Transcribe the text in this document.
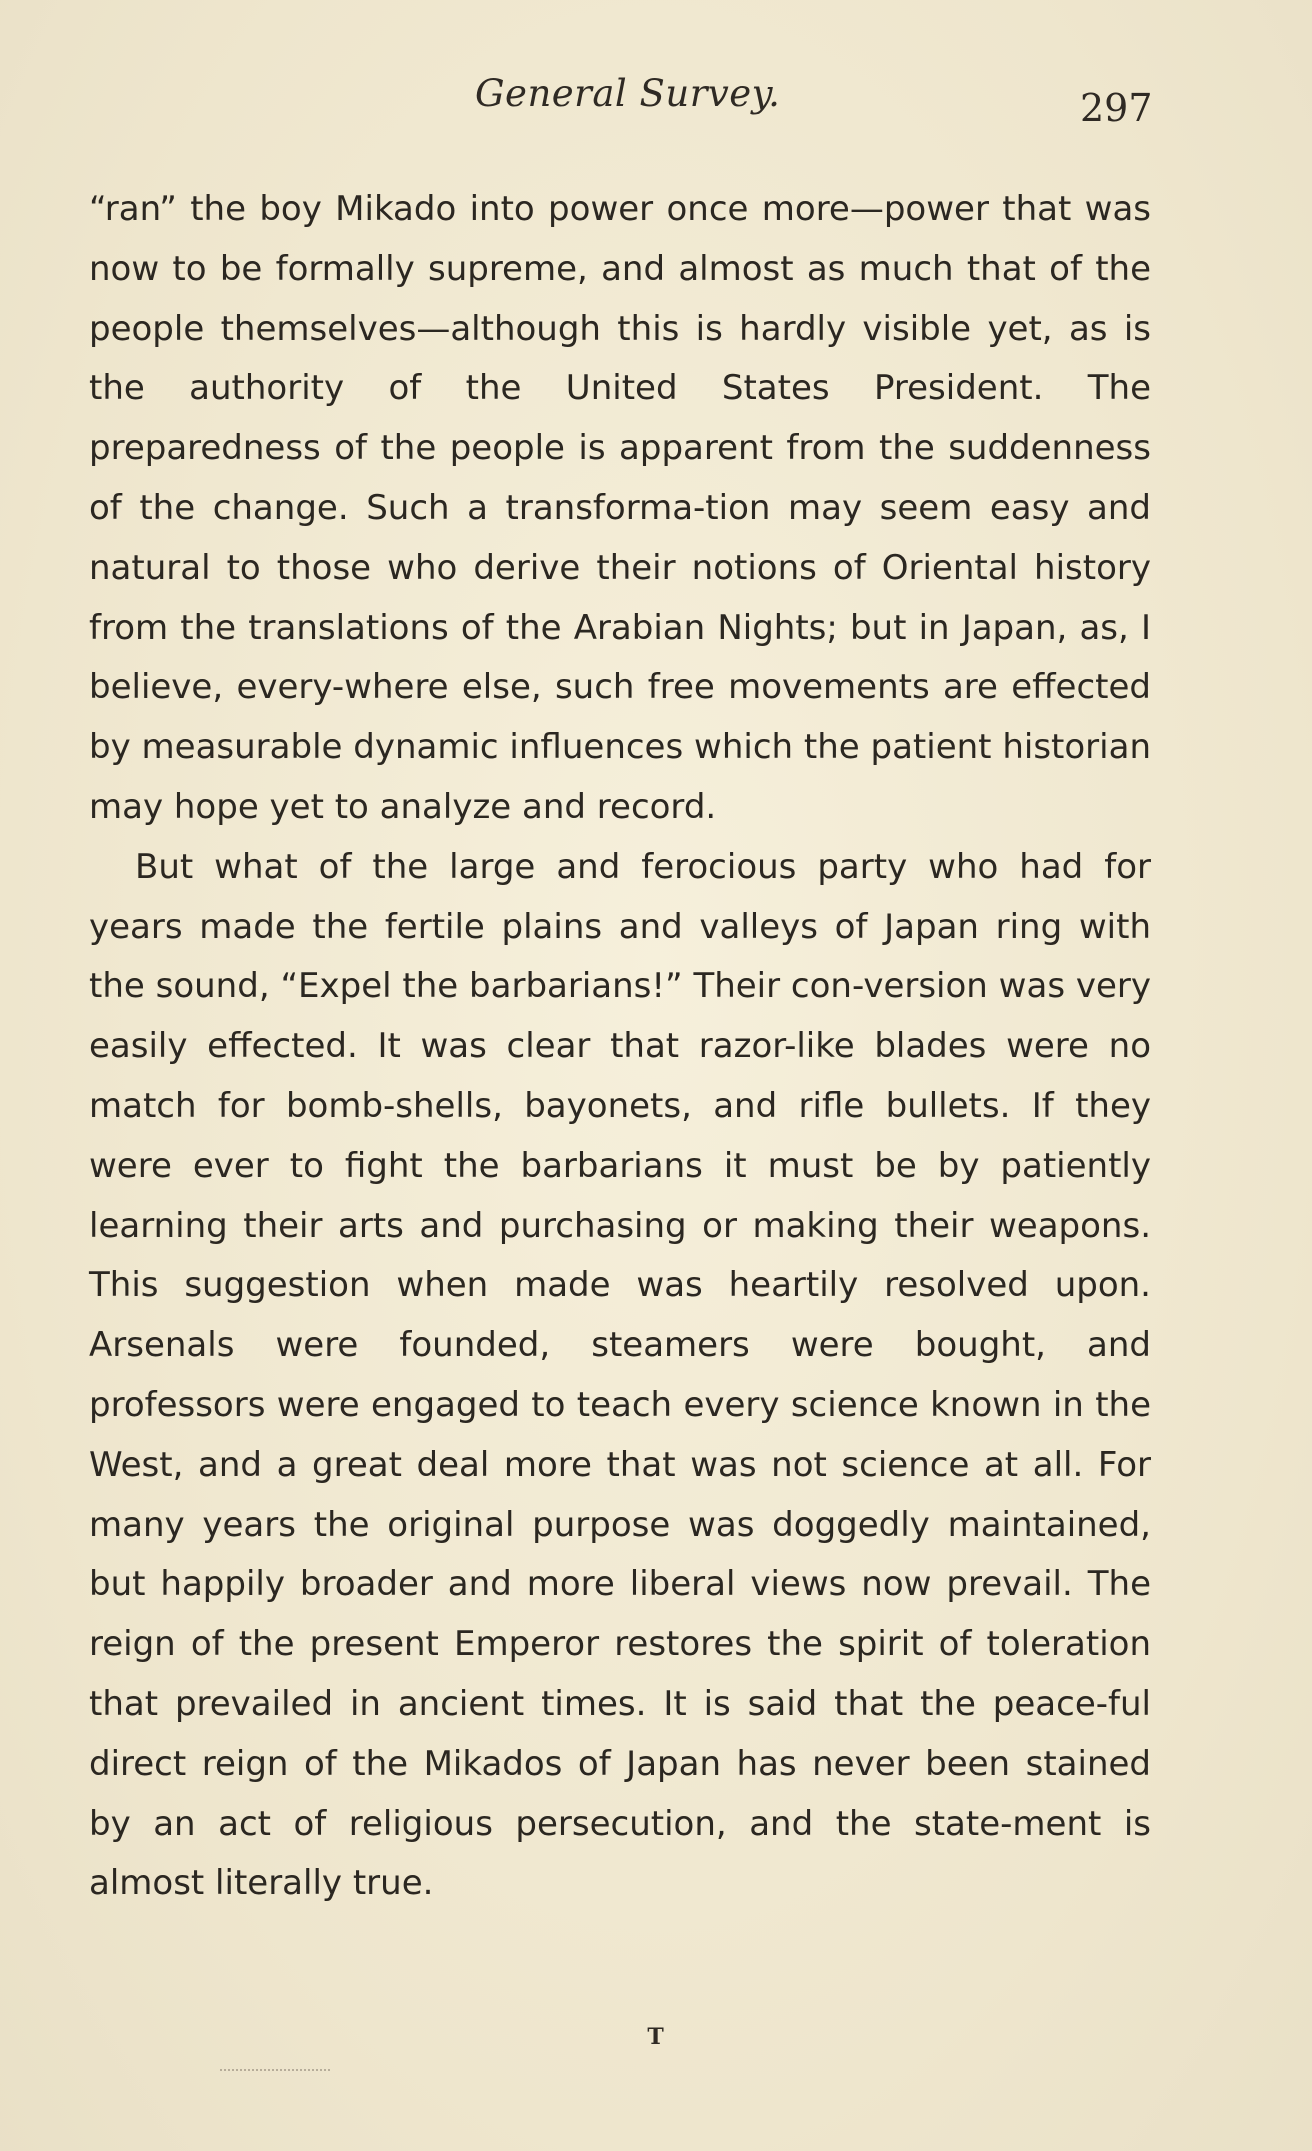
General Survey.	297

“ran” the boy Mikado into power once more—power that was now to be formally supreme, and almost as much that of the people themselves—although this is hardly visible yet, as is the authority of the United States President. The preparedness of the people is apparent from the suddenness of the change. Such a transforma-tion may seem easy and natural to those who derive their notions of Oriental history from the translations of the Arabian Nights; but in Japan, as, I believe, every-where else, such free movements are effected by measurable dynamic influences which the patient historian may hope yet to analyze and record.

But what of the large and ferocious party who had for years made the fertile plains and valleys of Japan ring with the sound, “Expel the barbarians!” Their con-version was very easily effected. It was clear that razor-like blades were no match for bomb-shells, bayonets, and rifle bullets. If they were ever to fight the barbarians it must be by patiently learning their arts and purchasing or making their weapons. This suggestion when made was heartily resolved upon. Arsenals were founded, steamers were bought, and professors were engaged to teach every science known in the West, and a great deal more that was not science at all. For many years the original purpose was doggedly maintained, but happily broader and more liberal views now prevail. The reign of the present Emperor restores the spirit of toleration that prevailed in ancient times. It is said that the peace-ful direct reign of the Mikados of Japan has never been stained by an act of religious persecution, and the state-ment is almost literally true.

T
